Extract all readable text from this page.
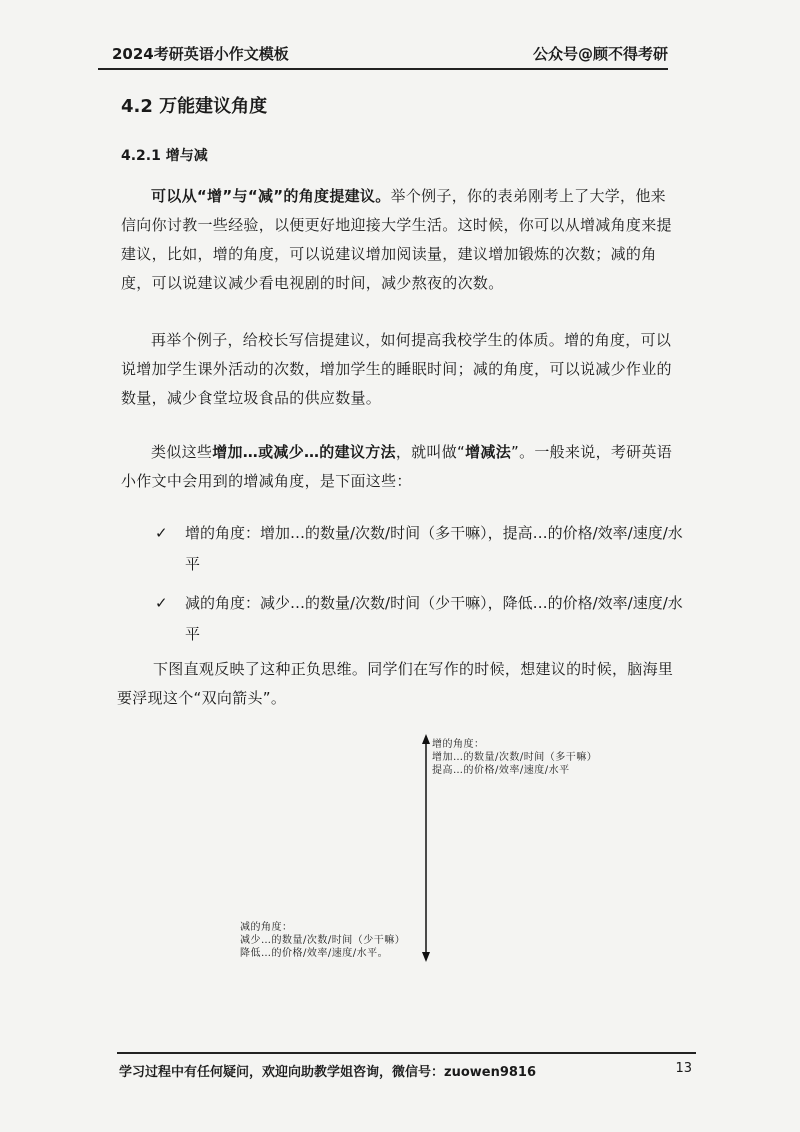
2024考研英语小作文模板	公众号@顾不得考研
4.2 万能建议角度
4.2.1 增与减
可以从“增”与“减”的角度提建议。举个例子，你的表弟刚考上了大学，他来信向你讨教一些经验，以便更好地迎接大学生活。这时候，你可以从增减角度来提建议，比如，增的角度，可以说建议增加阅读量，建议增加锻炼的次数；减的角度，可以说建议减少看电视剧的时间，减少熬夜的次数。
再举个例子，给校长写信提建议，如何提高我校学生的体质。增的角度，可以说增加学生课外活动的次数，增加学生的睡眠时间；减的角度，可以说减少作业的数量，减少食堂垃圾食品的供应数量。
类似这些增加…或减少…的建议方法，就叫做“增减法”。一般来说，考研英语小作文中会用到的增减角度，是下面这些：
✓	增的角度：增加…的数量/次数/时间（多干嘛），提高…的价格/效率/速度/水平
✓	减的角度：减少…的数量/次数/时间（少干嘛），降低…的价格/效率/速度/水平
下图直观反映了这种正负思维。同学们在写作的时候，想建议的时候，脑海里要浮现这个“双向箭头”。
增的角度：
增加…的数量/次数/时间（多干嘛）
提高…的价格/效率/速度/水平
减的角度：
减少…的数量/次数/时间（少干嘛）
降低…的价格/效率/速度/水平。
学习过程中有任何疑问，欢迎向助教学姐咨询，微信号：zuowen9816	13
